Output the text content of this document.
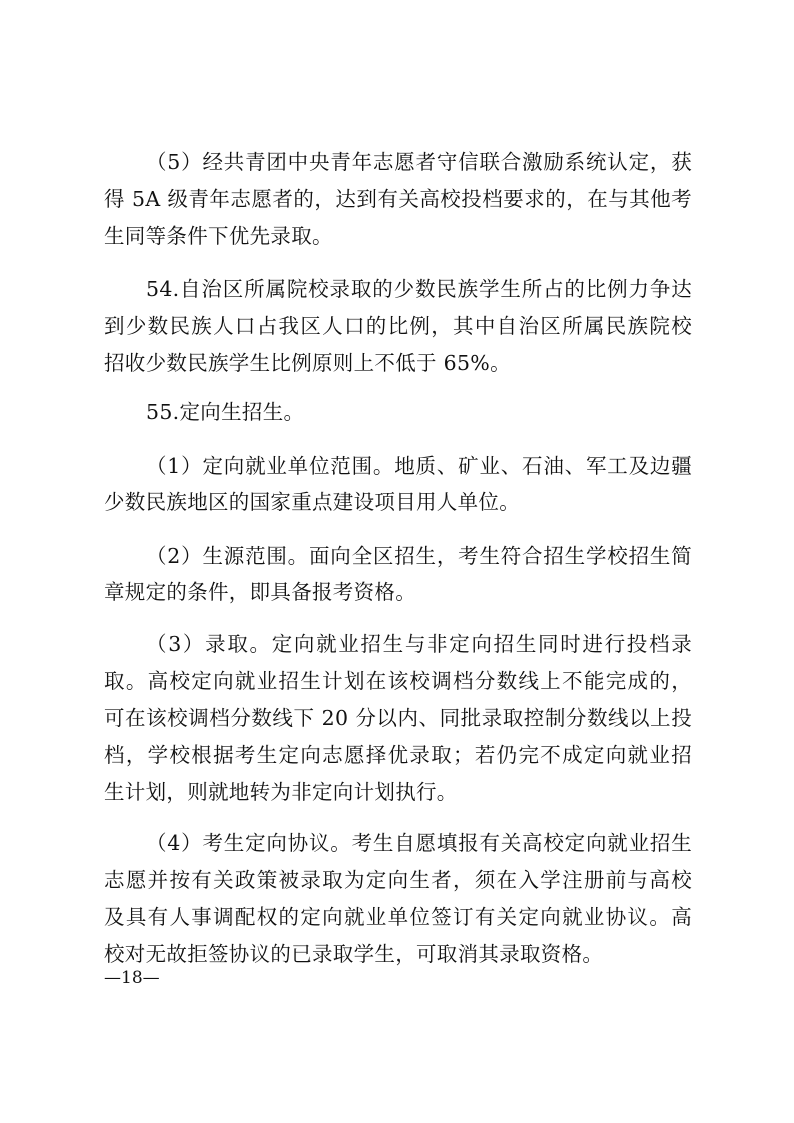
（5）经共青团中央青年志愿者守信联合激励系统认定，获
得 5A 级青年志愿者的，达到有关高校投档要求的，在与其他考
生同等条件下优先录取。
54.自治区所属院校录取的少数民族学生所占的比例力争达
到少数民族人口占我区人口的比例，其中自治区所属民族院校
招收少数民族学生比例原则上不低于 65%。
55.定向生招生。
（1）定向就业单位范围。地质、矿业、石油、军工及边疆
少数民族地区的国家重点建设项目用人单位。
（2）生源范围。面向全区招生，考生符合招生学校招生简
章规定的条件，即具备报考资格。
（3）录取。定向就业招生与非定向招生同时进行投档录
取。高校定向就业招生计划在该校调档分数线上不能完成的，
可在该校调档分数线下 20 分以内、同批录取控制分数线以上投
档，学校根据考生定向志愿择优录取；若仍完不成定向就业招
生计划，则就地转为非定向计划执行。
（4）考生定向协议。考生自愿填报有关高校定向就业招生
志愿并按有关政策被录取为定向生者，须在入学注册前与高校
及具有人事调配权的定向就业单位签订有关定向就业协议。高
校对无故拒签协议的已录取学生，可取消其录取资格。
—18—
